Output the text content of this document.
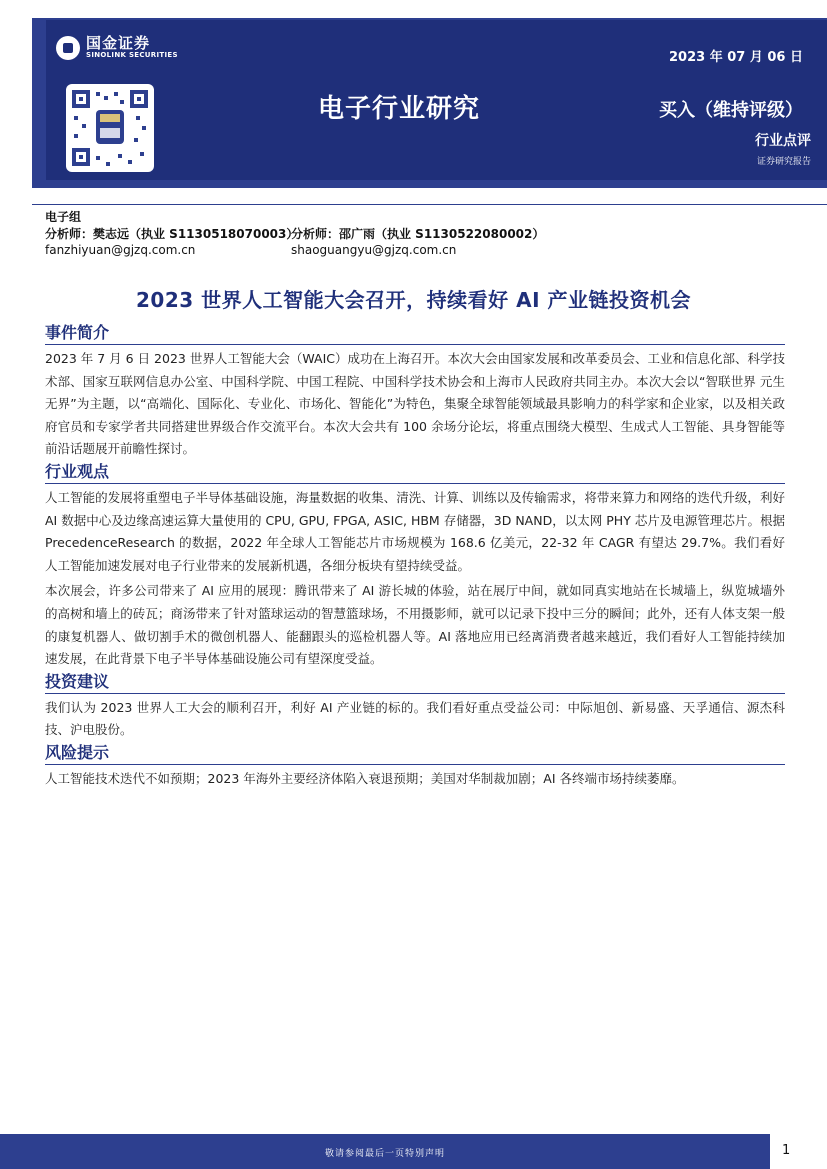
国金证券
SINOLINK SECURITIES
电子行业研究
2023 年 07 月 06 日
买入（维持评级）
行业点评
证券研究报告
电子组
分析师：樊志远（执业 S1130518070003）
分析师：邵广雨（执业 S1130522080002）
fanzhiyuan@gjzq.com.cn	shaoguangyu@gjzq.com.cn
2023 世界人工智能大会召开，持续看好 AI 产业链投资机会
事件简介

2023 年 7 月 6 日 2023 世界人工智能大会（WAIC）成功在上海召开。本次大会由国家发展和改革委员会、工业和信息化部、科学技术部、国家互联网信息办公室、中国科学院、中国工程院、中国科学技术协会和上海市人民政府共同主办。本次大会以“智联世界 元生无界”为主题，以“高端化、国际化、专业化、市场化、智能化”为特色，集聚全球智能领域最具影响力的科学家和企业家，以及相关政府官员和专家学者共同搭建世界级合作交流平台。本次大会共有 100 余场分论坛，将重点围绕大模型、生成式人工智能、具身智能等前沿话题展开前瞻性探讨。

行业观点

人工智能的发展将重塑电子半导体基础设施，海量数据的收集、清洗、计算、训练以及传输需求，将带来算力和网络的迭代升级，利好 AI 数据中心及边缘高速运算大量使用的 CPU, GPU, FPGA, ASIC, HBM 存储器，3D NAND，以太网 PHY 芯片及电源管理芯片。根据 PrecedenceResearch 的数据，2022 年全球人工智能芯片市场规模为 168.6 亿美元，22-32 年 CAGR 有望达 29.7%。我们看好人工智能加速发展对电子行业带来的发展新机遇，各细分板块有望持续受益。

本次展会，许多公司带来了 AI 应用的展现：腾讯带来了 AI 游长城的体验，站在展厅中间，就如同真实地站在长城墙上，纵览城墙外的高树和墙上的砖瓦；商汤带来了针对篮球运动的智慧篮球场，不用摄影师，就可以记录下投中三分的瞬间；此外，还有人体支架一般的康复机器人、做切割手术的微创机器人、能翻跟头的巡检机器人等。AI 落地应用已经离消费者越来越近，我们看好人工智能持续加速发展，在此背景下电子半导体基础设施公司有望深度受益。

投资建议

我们认为 2023 世界人工大会的顺利召开，利好 AI 产业链的标的。我们看好重点受益公司：中际旭创、新易盛、天孚通信、源杰科技、沪电股份。

风险提示

人工智能技术迭代不如预期；2023 年海外主要经济体陷入衰退预期；美国对华制裁加剧；AI 各终端市场持续萎靡。

敬请参阅最后一页特别声明	1
